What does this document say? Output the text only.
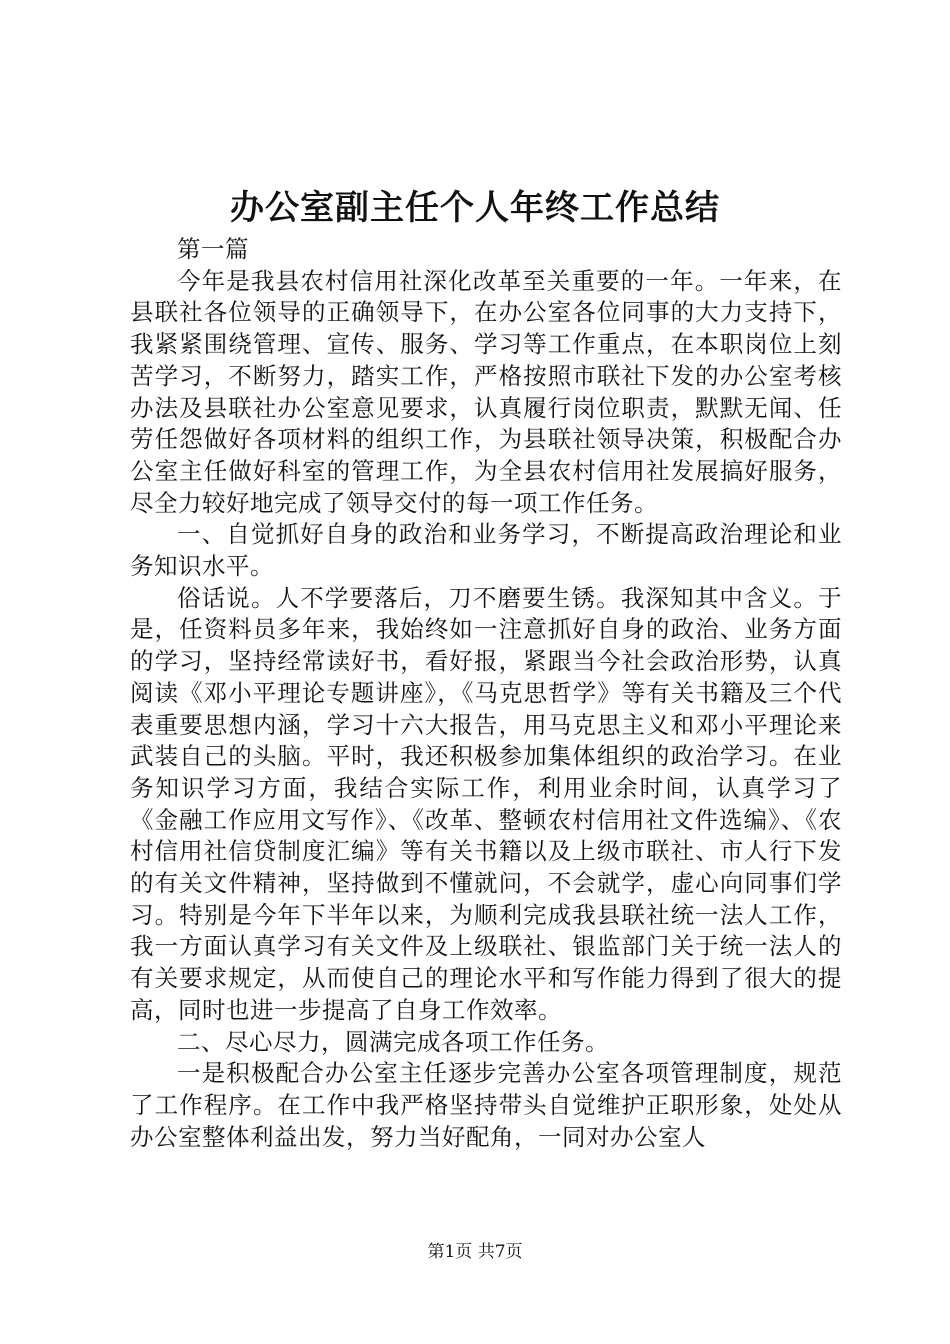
办公室副主任个人年终工作总结

第一篇

今年是我县农村信用社深化改革至关重要的一年。一年来，在县联社各位领导的正确领导下，在办公室各位同事的大力支持下，我紧紧围绕管理、宣传、服务、学习等工作重点，在本职岗位上刻苦学习，不断努力，踏实工作，严格按照市联社下发的办公室考核办法及县联社办公室意见要求，认真履行岗位职责，默默无闻、任劳任怨做好各项材料的组织工作，为县联社领导决策，积极配合办公室主任做好科室的管理工作，为全县农村信用社发展搞好服务，尽全力较好地完成了领导交付的每一项工作任务。

一、自觉抓好自身的政治和业务学习，不断提高政治理论和业务知识水平。

俗话说。人不学要落后，刀不磨要生锈。我深知其中含义。于是，任资料员多年来，我始终如一注意抓好自身的政治、业务方面的学习，坚持经常读好书，看好报，紧跟当今社会政治形势，认真阅读《邓小平理论专题讲座》，《马克思哲学》等有关书籍及三个代表重要思想内涵，学习十六大报告，用马克思主义和邓小平理论来武装自己的头脑。平时，我还积极参加集体组织的政治学习。在业务知识学习方面，我结合实际工作，利用业余时间，认真学习了《金融工作应用文写作》、《改革、整顿农村信用社文件选编》、《农村信用社信贷制度汇编》等有关书籍以及上级市联社、市人行下发的有关文件精神，坚持做到不懂就问，不会就学，虚心向同事们学习。特别是今年下半年以来，为顺利完成我县联社统一法人工作，我一方面认真学习有关文件及上级联社、银监部门关于统一法人的有关要求规定，从而使自己的理论水平和写作能力得到了很大的提高，同时也进一步提高了自身工作效率。

二、尽心尽力，圆满完成各项工作任务。

一是积极配合办公室主任逐步完善办公室各项管理制度，规范了工作程序。在工作中我严格坚持带头自觉维护正职形象，处处从办公室整体利益出发，努力当好配角，一同对办公室人

第1页 共7页
